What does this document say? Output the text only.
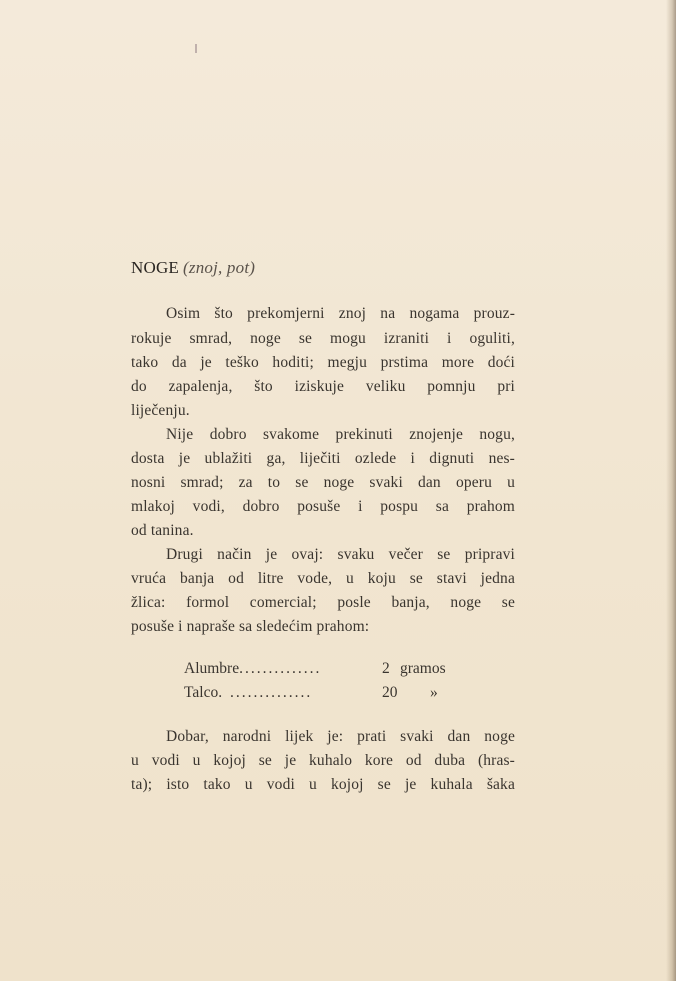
NOGE (znoj, pot)
Osim što prekomjerni znoj na nogama prouz-
rokuje smrad, noge se mogu izraniti i oguliti,
tako da je teško hoditi; megju prstima more doći
do zapalenja, što iziskuje veliku pomnju pri
liječenju.
Nije dobro svakome prekinuti znojenje nogu,
dosta je ublažiti ga, liječiti ozlede i dignuti nes-
nosni smrad; za to se noge svaki dan operu u
mlakoj vodi, dobro posuše i pospu sa prahom
od tanina.
Drugi način je ovaj: svaku večer se pripravi
vruća banja od litre vode, u koju se stavi jedna
žlica: formol comercial; posle banja, noge se
posuše i napraše sa sledećim prahom:
Alumbre..............	2 gramos
Talco. ..............	20 »
Dobar, narodni lijek je: prati svaki dan noge
u vodi u kojoj se je kuhalo kore od duba (hras-
ta); isto tako u vodi u kojoj se je kuhala šaka
